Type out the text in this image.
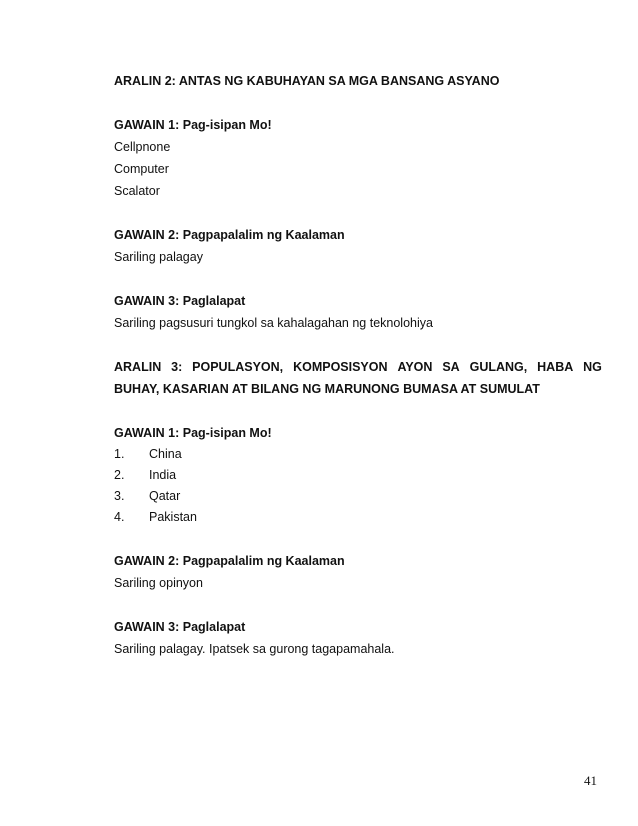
ARALIN 2: ANTAS NG KABUHAYAN SA MGA BANSANG ASYANO
GAWAIN 1: Pag-isipan Mo!
Cellpnone
Computer
Scalator
GAWAIN 2: Pagpapalalim ng Kaalaman
Sariling palagay
GAWAIN 3: Paglalapat
Sariling pagsusuri tungkol sa kahalagahan ng teknolohiya
ARALIN 3: POPULASYON, KOMPOSISYON AYON SA GULANG, HABA NG
BUHAY, KASARIAN AT BILANG NG MARUNONG BUMASA AT SUMULAT
GAWAIN 1: Pag-isipan Mo!
1.	China
2.	India
3.	Qatar
4.	Pakistan
GAWAIN 2: Pagpapalalim ng Kaalaman
Sariling opinyon
GAWAIN 3: Paglalapat
Sariling palagay. Ipatsek sa gurong tagapamahala.
41
